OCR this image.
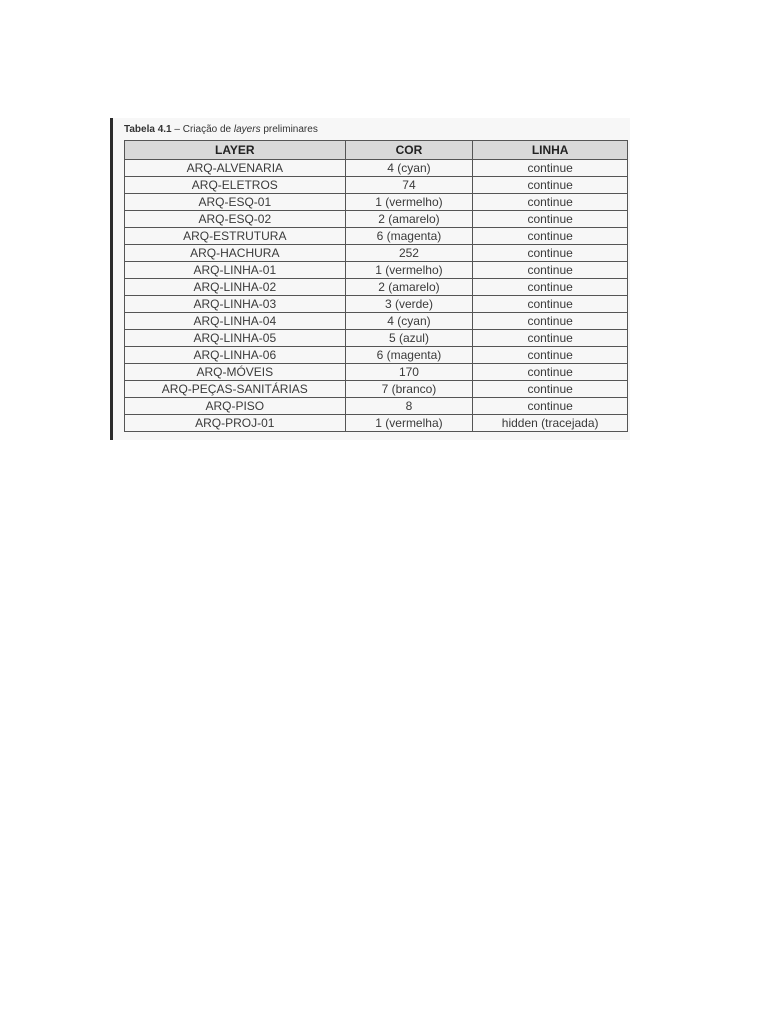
Tabela 4.1 – Criação de layers preliminares
LAYER	COR	LINHA
ARQ-ALVENARIA	4 (cyan)	continue
ARQ-ELETROS	74	continue
ARQ-ESQ-01	1 (vermelho)	continue
ARQ-ESQ-02	2 (amarelo)	continue
ARQ-ESTRUTURA	6 (magenta)	continue
ARQ-HACHURA	252	continue
ARQ-LINHA-01	1 (vermelho)	continue
ARQ-LINHA-02	2 (amarelo)	continue
ARQ-LINHA-03	3 (verde)	continue
ARQ-LINHA-04	4 (cyan)	continue
ARQ-LINHA-05	5 (azul)	continue
ARQ-LINHA-06	6 (magenta)	continue
ARQ-MÓVEIS	170	continue
ARQ-PEÇAS-SANITÁRIAS	7 (branco)	continue
ARQ-PISO	8	continue
ARQ-PROJ-01	1 (vermelha)	hidden (tracejada)
